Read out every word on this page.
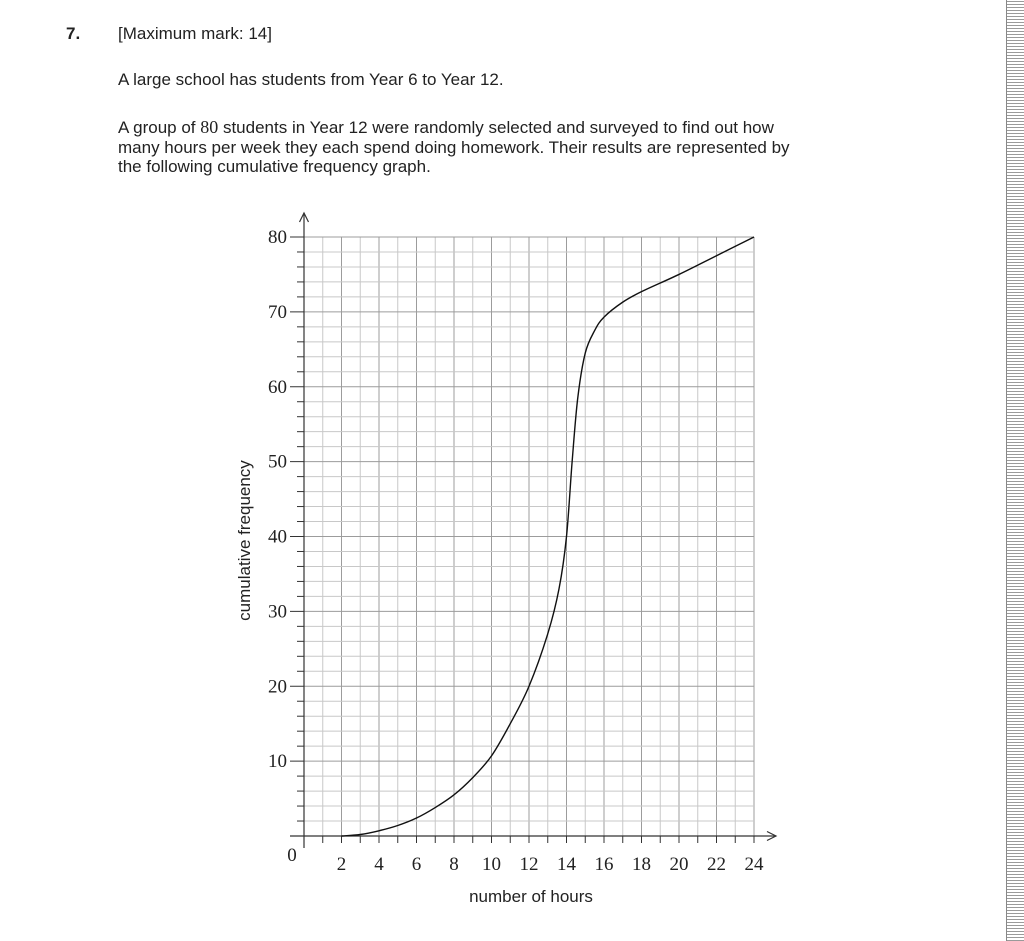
7. [Maximum mark: 14]
A large school has students from Year 6 to Year 12.
A group of 80 students in Year 12 were randomly selected and surveyed to find out how
many hours per week they each spend doing homework. Their results are represented by
the following cumulative frequency graph.
2 4 6 8 10 12 14 16 18 20 22 24
10
20
30
40
50
60
70
80
0
number of hours
cumulative frequency
